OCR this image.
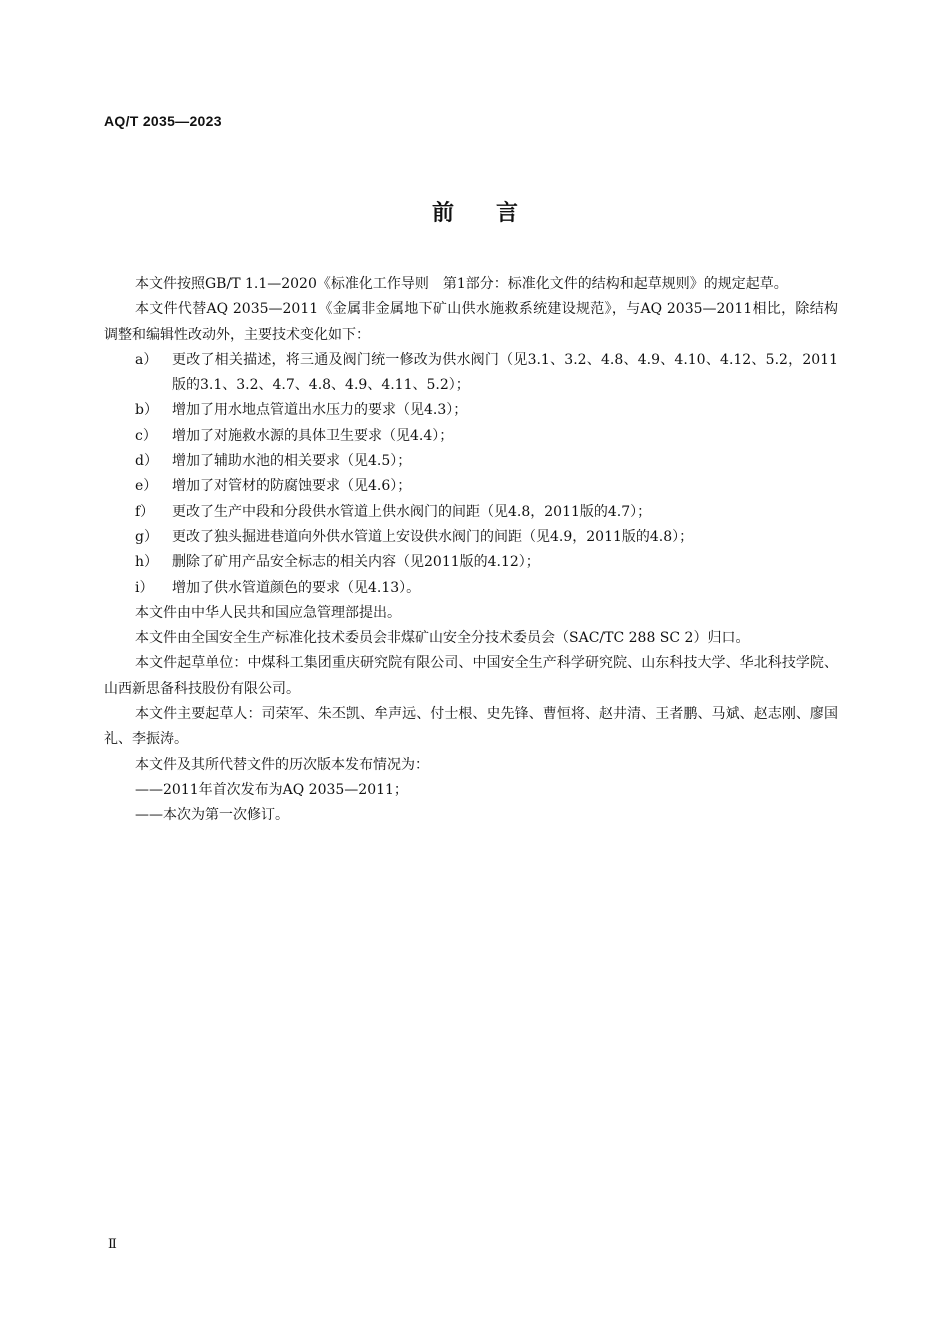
AQ/T 2035—2023
前言

本文件按照GB/T 1.1—2020《标准化工作导则　第1部分：标准化文件的结构和起草规则》的规定起草。

本文件代替AQ 2035—2011《金属非金属地下矿山供水施救系统建设规范》，与AQ 2035—2011相比，除结构调整和编辑性改动外，主要技术变化如下：

a）	更改了相关描述，将三通及阀门统一修改为供水阀门（见3.1、3.2、4.8、4.9、4.10、4.12、5.2，2011版的3.1、3.2、4.7、4.8、4.9、4.11、5.2）；
b）	增加了用水地点管道出水压力的要求（见4.3）；
c）	增加了对施救水源的具体卫生要求（见4.4）；
d）	增加了辅助水池的相关要求（见4.5）；
e）	增加了对管材的防腐蚀要求（见4.6）；
f）	更改了生产中段和分段供水管道上供水阀门的间距（见4.8，2011版的4.7）；
g）	更改了独头掘进巷道向外供水管道上安设供水阀门的间距（见4.9，2011版的4.8）；
h） 删除了矿用产品安全标志的相关内容（见2011版的4.12）；
i）	增加了供水管道颜色的要求（见4.13）。

本文件由中华人民共和国应急管理部提出。

本文件由全国安全生产标准化技术委员会非煤矿山安全分技术委员会（SAC/TC 288 SC 2）归口。

本文件起草单位：中煤科工集团重庆研究院有限公司、中国安全生产科学研究院、山东科技大学、华北科技学院、山西新思备科技股份有限公司。

本文件主要起草人：司荣军、朱丕凯、牟声远、付士根、史先锋、曹恒将、赵井清、王者鹏、马斌、赵志刚、廖国礼、李振涛。

本文件及其所代替文件的历次版本发布情况为：

——2011年首次发布为AQ 2035—2011；

——本次为第一次修订。

Ⅱ
